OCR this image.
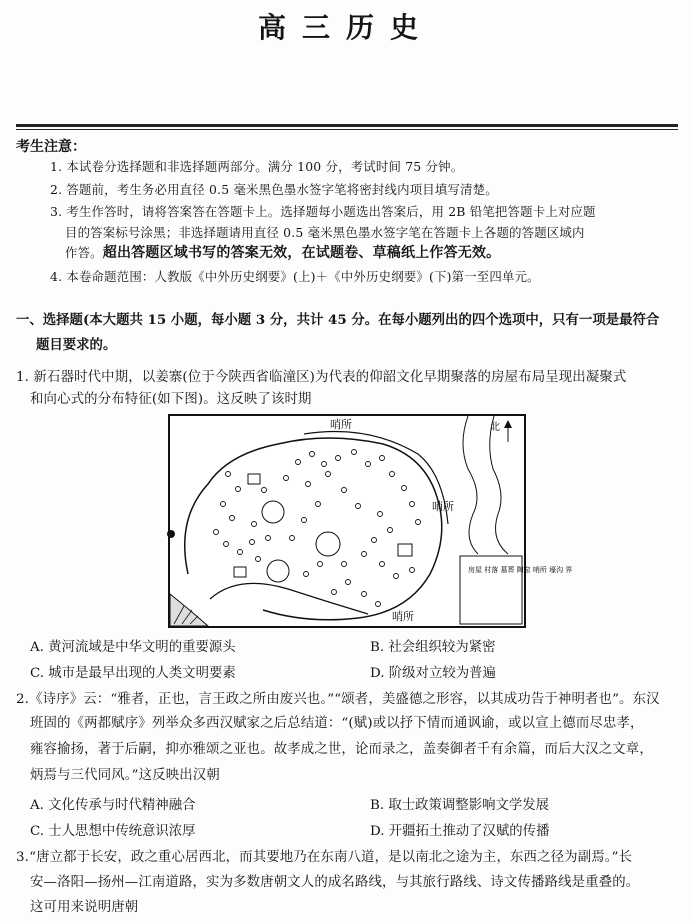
高三历史
考生注意：
1. 本试卷分选择题和非选择题两部分。满分 100 分，考试时间 75 分钟。
2. 答题前，考生务必用直径 0.5 毫米黑色墨水签字笔将密封线内项目填写清楚。
3. 考生作答时，请将答案答在答题卡上。选择题每小题选出答案后，用 2B 铅笔把答题卡上对应题
目的答案标号涂黑；非选择题请用直径 0.5 毫米黑色墨水签字笔在答题卡上各题的答题区域内
作答。超出答题区域书写的答案无效，在试题卷、草稿纸上作答无效。
4. 本卷命题范围：人教版《中外历史纲要》(上)＋《中外历史纲要》(下)第一至四单元。
一、选择题(本大题共 15 小题，每小题 3 分，共计 45 分。在每小题列出的四个选项中，只有一项是最符合
题目要求的。
1. 新石器时代中期，以姜寨(位于今陕西省临潼区)为代表的仰韶文化早期聚落的房屋布局呈现出凝聚式
和向心式的分布特征(如下图)。这反映了该时期
哨所
哨所
哨所
北
房屋 村落 墓葬 陶窑 哨所 壕沟 界
A. 黄河流域是中华文明的重要源头	B. 社会组织较为紧密
C. 城市是最早出现的人类文明要素	D. 阶级对立较为普遍
2.《诗序》云：“雅者，正也，言王政之所由废兴也。”“颂者，美盛德之形容，以其成功告于神明者也”。东汉
班固的《两都赋序》列举众多西汉赋家之后总结道：“(赋)或以抒下情而通讽谕，或以宣上德而尽忠孝，
雍容揄扬，著于后嗣，抑亦雅颂之亚也。故孝成之世，论而录之，盖奏御者千有余篇，而后大汉之文章，
炳焉与三代同风。”这反映出汉朝
A. 文化传承与时代精神融合	B. 取士政策调整影响文学发展
C. 士人思想中传统意识浓厚	D. 开疆拓土推动了汉赋的传播
3.“唐立都于长安，政之重心居西北，而其要地乃在东南八道，是以南北之途为主，东西之径为副焉。”长
安—洛阳—扬州—江南道路，实为多数唐朝文人的成名路线，与其旅行路线、诗文传播路线是重叠的。
这可用来说明唐朝
